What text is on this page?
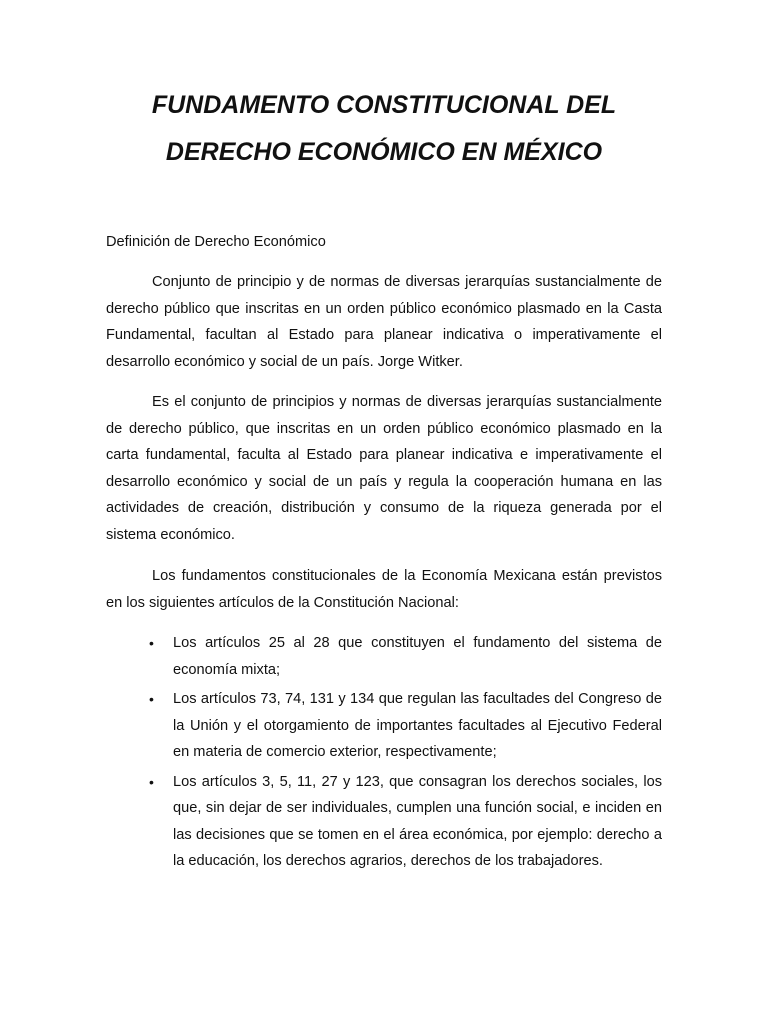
FUNDAMENTO CONSTITUCIONAL DEL
DERECHO ECONÓMICO EN MÉXICO

Definición de Derecho Económico

Conjunto de principio y de normas de diversas jerarquías sustancialmente de derecho público que inscritas en un orden público económico plasmado en la Casta Fundamental, facultan al Estado para planear indicativa o imperativamente el desarrollo económico y social de un país. Jorge Witker.

Es el conjunto de principios y normas de diversas jerarquías sustancialmente de derecho público, que inscritas en un orden público económico plasmado en la carta fundamental, faculta al Estado para planear indicativa e imperativamente el desarrollo económico y social de un país y regula la cooperación humana en las actividades de creación, distribución y consumo de la riqueza generada por el sistema económico.

Los fundamentos constitucionales de la Economía Mexicana están previstos en los siguientes artículos de la Constitución Nacional:

• Los artículos 25 al 28 que constituyen el fundamento del sistema de economía mixta;
• Los artículos 73, 74, 131 y 134 que regulan las facultades del Congreso de la Unión y el otorgamiento de importantes facultades al Ejecutivo Federal en materia de comercio exterior, respectivamente;
• Los artículos 3, 5, 11, 27 y 123, que consagran los derechos sociales, los que, sin dejar de ser individuales, cumplen una función social, e inciden en las decisiones que se tomen en el área económica, por ejemplo: derecho a la educación, los derechos agrarios, derechos de los trabajadores.
